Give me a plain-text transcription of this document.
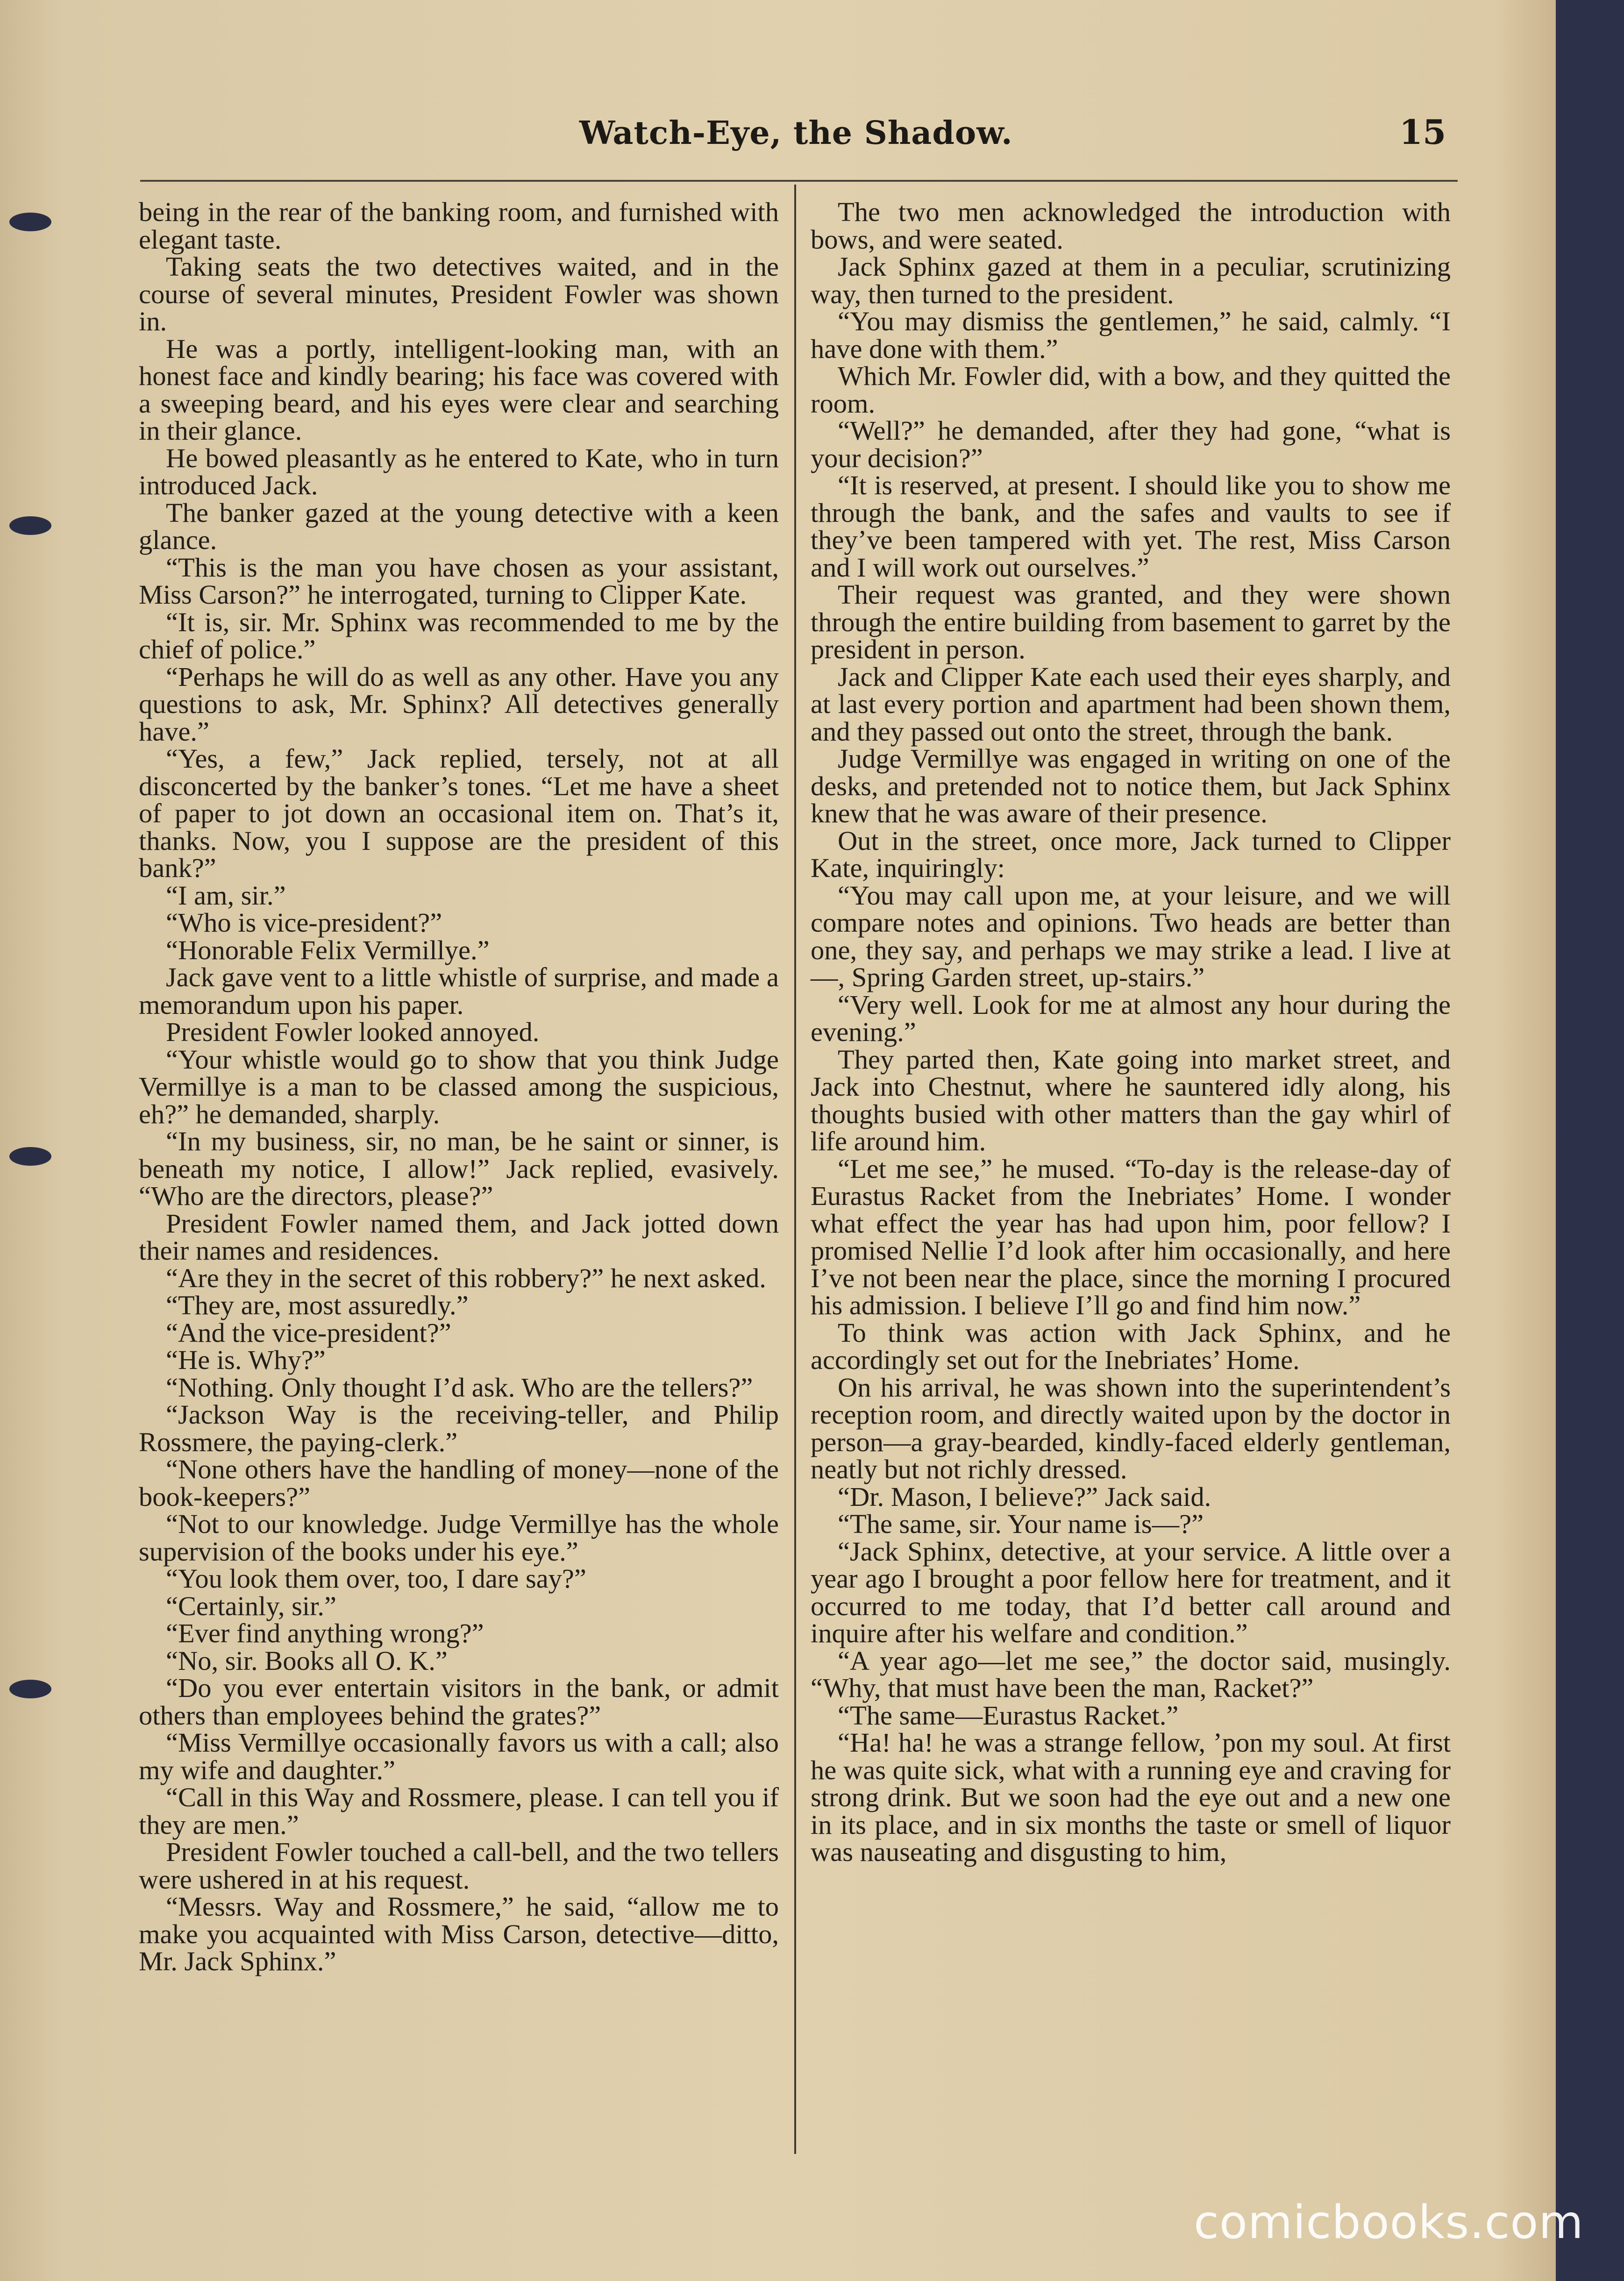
Watch-Eye, the Shadow.	15

being in the rear of the banking room, and furnished with elegant taste.

Taking seats the two detectives waited, and in the course of several minutes, President Fowler was shown in.

He was a portly, intelligent-looking man, with an honest face and kindly bearing; his face was covered with a sweeping beard, and his eyes were clear and searching in their glance.

He bowed pleasantly as he entered to Kate, who in turn introduced Jack.

The banker gazed at the young detective with a keen glance.

“This is the man you have chosen as your assistant, Miss Carson?” he interrogated, turning to Clipper Kate.

“It is, sir. Mr. Sphinx was recommended to me by the chief of police.”

“Perhaps he will do as well as any other. Have you any questions to ask, Mr. Sphinx? All detectives generally have.”

“Yes, a few,” Jack replied, tersely, not at all disconcerted by the banker’s tones. “Let me have a sheet of paper to jot down an occasional item on. That’s it, thanks. Now, you I suppose are the president of this bank?”

“I am, sir.”

“Who is vice-president?”

“Honorable Felix Vermillye.”

Jack gave vent to a little whistle of surprise, and made a memorandum upon his paper.

President Fowler looked annoyed.

“Your whistle would go to show that you think Judge Vermillye is a man to be classed among the suspicious, eh?” he demanded, sharply.

“In my business, sir, no man, be he saint or sinner, is beneath my notice, I allow!” Jack replied, evasively. “Who are the directors, please?”

President Fowler named them, and Jack jotted down their names and residences.

“Are they in the secret of this robbery?” he next asked.

“They are, most assuredly.”

“And the vice-president?”

“He is. Why?”

“Nothing. Only thought I’d ask. Who are the tellers?”

“Jackson Way is the receiving-teller, and Philip Rossmere, the paying-clerk.”

“None others have the handling of money—none of the book-keepers?”

“Not to our knowledge. Judge Vermillye has the whole supervision of the books under his eye.”

“You look them over, too, I dare say?”

“Certainly, sir.”

“Ever find anything wrong?”

“No, sir. Books all O. K.”

“Do you ever entertain visitors in the bank, or admit others than employees behind the grates?”

“Miss Vermillye occasionally favors us with a call; also my wife and daughter.”

“Call in this Way and Rossmere, please. I can tell you if they are men.”

President Fowler touched a call-bell, and the two tellers were ushered in at his request.

“Messrs. Way and Rossmere,” he said, “allow me to make you acquainted with Miss Carson, detective—ditto, Mr. Jack Sphinx.”

The two men acknowledged the introduction with bows, and were seated.

Jack Sphinx gazed at them in a peculiar, scrutinizing way, then turned to the president.

“You may dismiss the gentlemen,” he said, calmly. “I have done with them.”

Which Mr. Fowler did, with a bow, and they quitted the room.

“Well?” he demanded, after they had gone, “what is your decision?”

“It is reserved, at present. I should like you to show me through the bank, and the safes and vaults to see if they’ve been tampered with yet. The rest, Miss Carson and I will work out ourselves.”

Their request was granted, and they were shown through the entire building from basement to garret by the president in person.

Jack and Clipper Kate each used their eyes sharply, and at last every portion and apartment had been shown them, and they passed out onto the street, through the bank.

Judge Vermillye was engaged in writing on one of the desks, and pretended not to notice them, but Jack Sphinx knew that he was aware of their presence.

Out in the street, once more, Jack turned to Clipper Kate, inquiringly:

“You may call upon me, at your leisure, and we will compare notes and opinions. Two heads are better than one, they say, and perhaps we may strike a lead. I live at —, Spring Garden street, up-stairs.”

“Very well. Look for me at almost any hour during the evening.”

They parted then, Kate going into market street, and Jack into Chestnut, where he sauntered idly along, his thoughts busied with other matters than the gay whirl of life around him.

“Let me see,” he mused. “To-day is the release-day of Eurastus Racket from the Inebriates’ Home. I wonder what effect the year has had upon him, poor fellow? I promised Nellie I’d look after him occasionally, and here I’ve not been near the place, since the morning I procured his admission. I believe I’ll go and find him now.”

To think was action with Jack Sphinx, and he accordingly set out for the Inebriates’ Home.

On his arrival, he was shown into the superintendent’s reception room, and directly waited upon by the doctor in person—a gray-bearded, kindly-faced elderly gentleman, neatly but not richly dressed.

“Dr. Mason, I believe?” Jack said.

“The same, sir. Your name is—?”

“Jack Sphinx, detective, at your service. A little over a year ago I brought a poor fellow here for treatment, and it occurred to me today, that I’d better call around and inquire after his welfare and condition.”

“A year ago—let me see,” the doctor said, musingly. “Why, that must have been the man, Racket?”

“The same—Eurastus Racket.”

“Ha! ha! he was a strange fellow, ’pon my soul. At first he was quite sick, what with a running eye and craving for strong drink. But we soon had the eye out and a new one in its place, and in six months the taste or smell of liquor was nauseating and disgusting to him,

comicbooks.com
